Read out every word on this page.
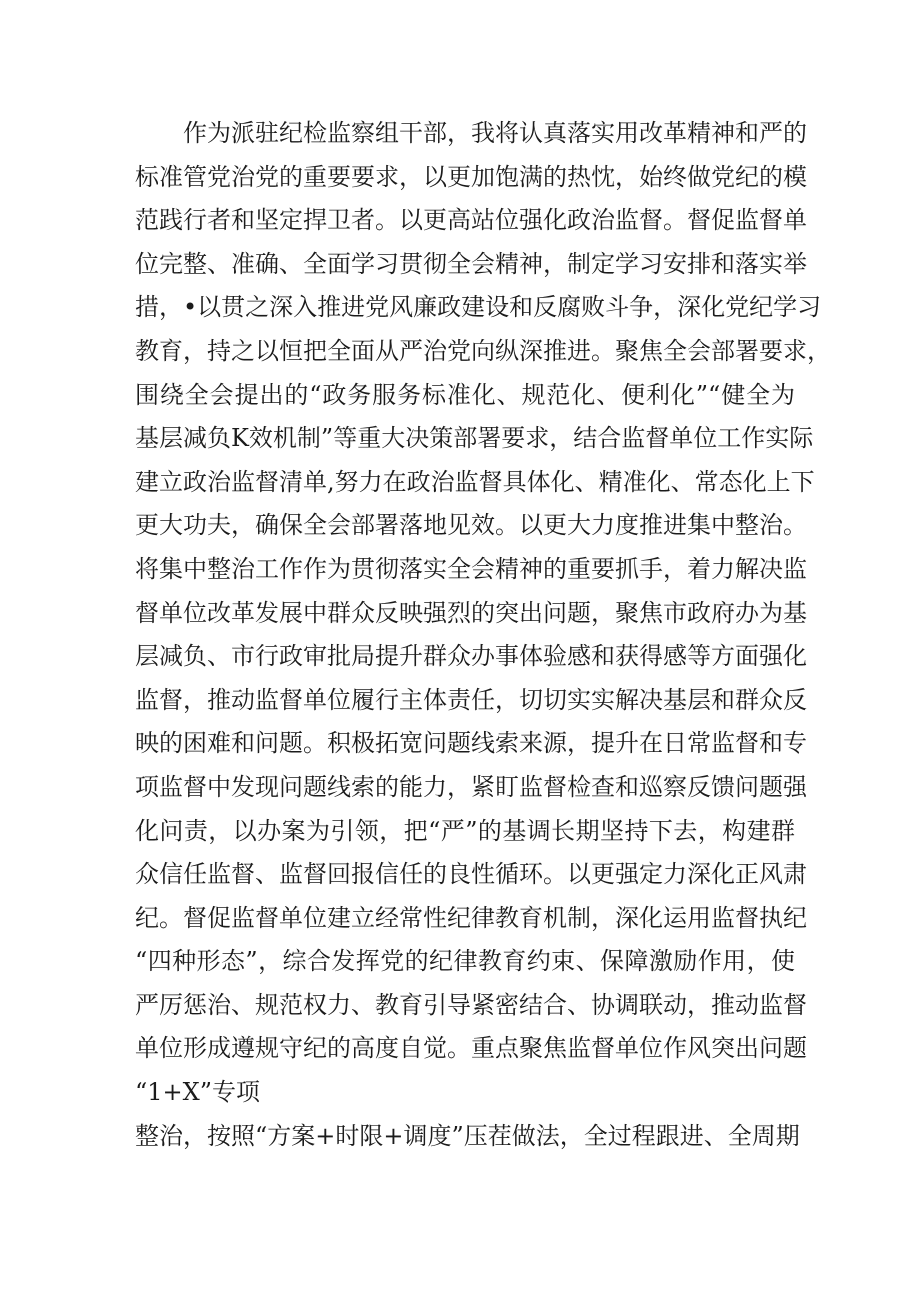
作为派驻纪检监察组干部，我将认真落实用改革精神和严的
标准管党治党的重要要求，以更加饱满的热忱，始终做党纪的模
范践行者和坚定捍卫者。以更高站位强化政治监督。督促监督单
位完整、准确、全面学习贯彻全会精神，制定学习安排和落实举
措，•以贯之深入推进党风廉政建设和反腐败斗争，深化党纪学习
教育，持之以恒把全面从严治党向纵深推进。聚焦全会部署要求，
围绕全会提出的“政务服务标准化、规范化、便利化”“健全为
基层减负K效机制”等重大决策部署要求，结合监督单位工作实际
建立政治监督清单,努力在政治监督具体化、精准化、常态化上下
更大功夫，确保全会部署落地见效。以更大力度推进集中整治。
将集中整治工作作为贯彻落实全会精神的重要抓手，着力解决监
督单位改革发展中群众反映强烈的突出问题，聚焦市政府办为基
层减负、市行政审批局提升群众办事体验感和获得感等方面强化
监督，推动监督单位履行主体责任，切切实实解决基层和群众反
映的困难和问题。积极拓宽问题线索来源，提升在日常监督和专
项监督中发现问题线索的能力，紧盯监督检查和巡察反馈问题强
化问责，以办案为引领，把“严”的基调长期坚持下去，构建群
众信任监督、监督回报信任的良性循环。以更强定力深化正风肃
纪。督促监督单位建立经常性纪律教育机制，深化运用监督执纪
“四种形态”，综合发挥党的纪律教育约束、保障激励作用，使
严厉惩治、规范权力、教育引导紧密结合、协调联动，推动监督
单位形成遵规守纪的高度自觉。重点聚焦监督单位作风突出问题
“1+X”专项
整治，按照“方案+时限+调度”压茬做法，全过程跟进、全周期
